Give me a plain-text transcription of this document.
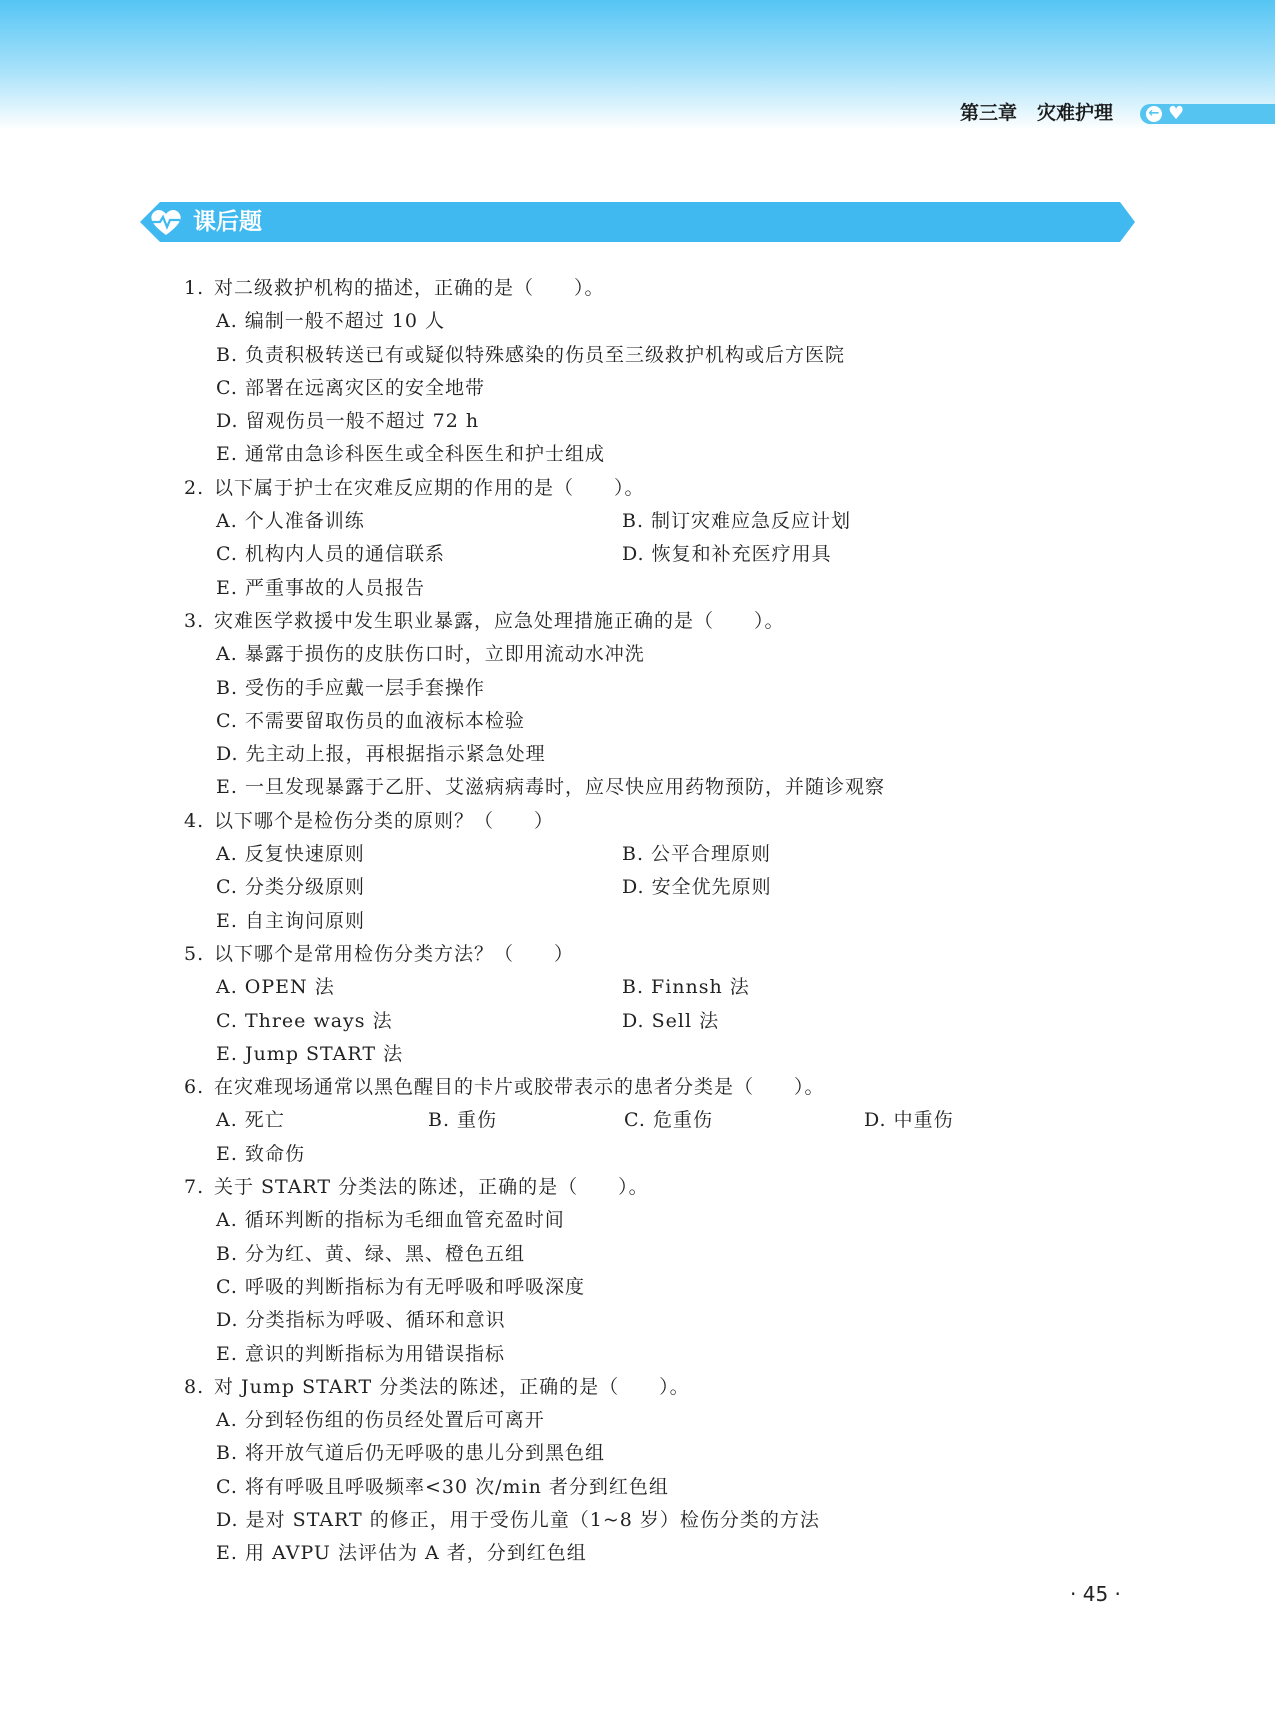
第三章 灾难护理	← ♥
课后题
1. 对二级救护机构的描述，正确的是（　　）。
A. 编制一般不超过 10 人
B. 负责积极转送已有或疑似特殊感染的伤员至三级救护机构或后方医院
C. 部署在远离灾区的安全地带
D. 留观伤员一般不超过 72 h
E. 通常由急诊科医生或全科医生和护士组成
2. 以下属于护士在灾难反应期的作用的是（　　）。
A. 个人准备训练	B. 制订灾难应急反应计划
C. 机构内人员的通信联系	D. 恢复和补充医疗用具
E. 严重事故的人员报告
3. 灾难医学救援中发生职业暴露，应急处理措施正确的是（　　）。
A. 暴露于损伤的皮肤伤口时，立即用流动水冲洗
B. 受伤的手应戴一层手套操作
C. 不需要留取伤员的血液标本检验
D. 先主动上报，再根据指示紧急处理
E. 一旦发现暴露于乙肝、艾滋病病毒时，应尽快应用药物预防，并随诊观察
4. 以下哪个是检伤分类的原则？（　　）
A. 反复快速原则	B. 公平合理原则
C. 分类分级原则	D. 安全优先原则
E. 自主询问原则
5. 以下哪个是常用检伤分类方法？（　　）
A. OPEN 法	B. Finnsh 法
C. Three ways 法	D. Sell 法
E. Jump START 法
6. 在灾难现场通常以黑色醒目的卡片或胶带表示的患者分类是（　　）。
A. 死亡	B. 重伤	C. 危重伤	D. 中重伤
E. 致命伤
7. 关于 START 分类法的陈述，正确的是（　　）。
A. 循环判断的指标为毛细血管充盈时间
B. 分为红、黄、绿、黑、橙色五组
C. 呼吸的判断指标为有无呼吸和呼吸深度
D. 分类指标为呼吸、循环和意识
E. 意识的判断指标为用错误指标
8. 对 Jump START 分类法的陈述，正确的是（　　）。
A. 分到轻伤组的伤员经处置后可离开
B. 将开放气道后仍无呼吸的患儿分到黑色组
C. 将有呼吸且呼吸频率<30 次/min 者分到红色组
D. 是对 START 的修正，用于受伤儿童（1~8 岁）检伤分类的方法
E. 用 AVPU 法评估为 A 者，分到红色组
· 45 ·
